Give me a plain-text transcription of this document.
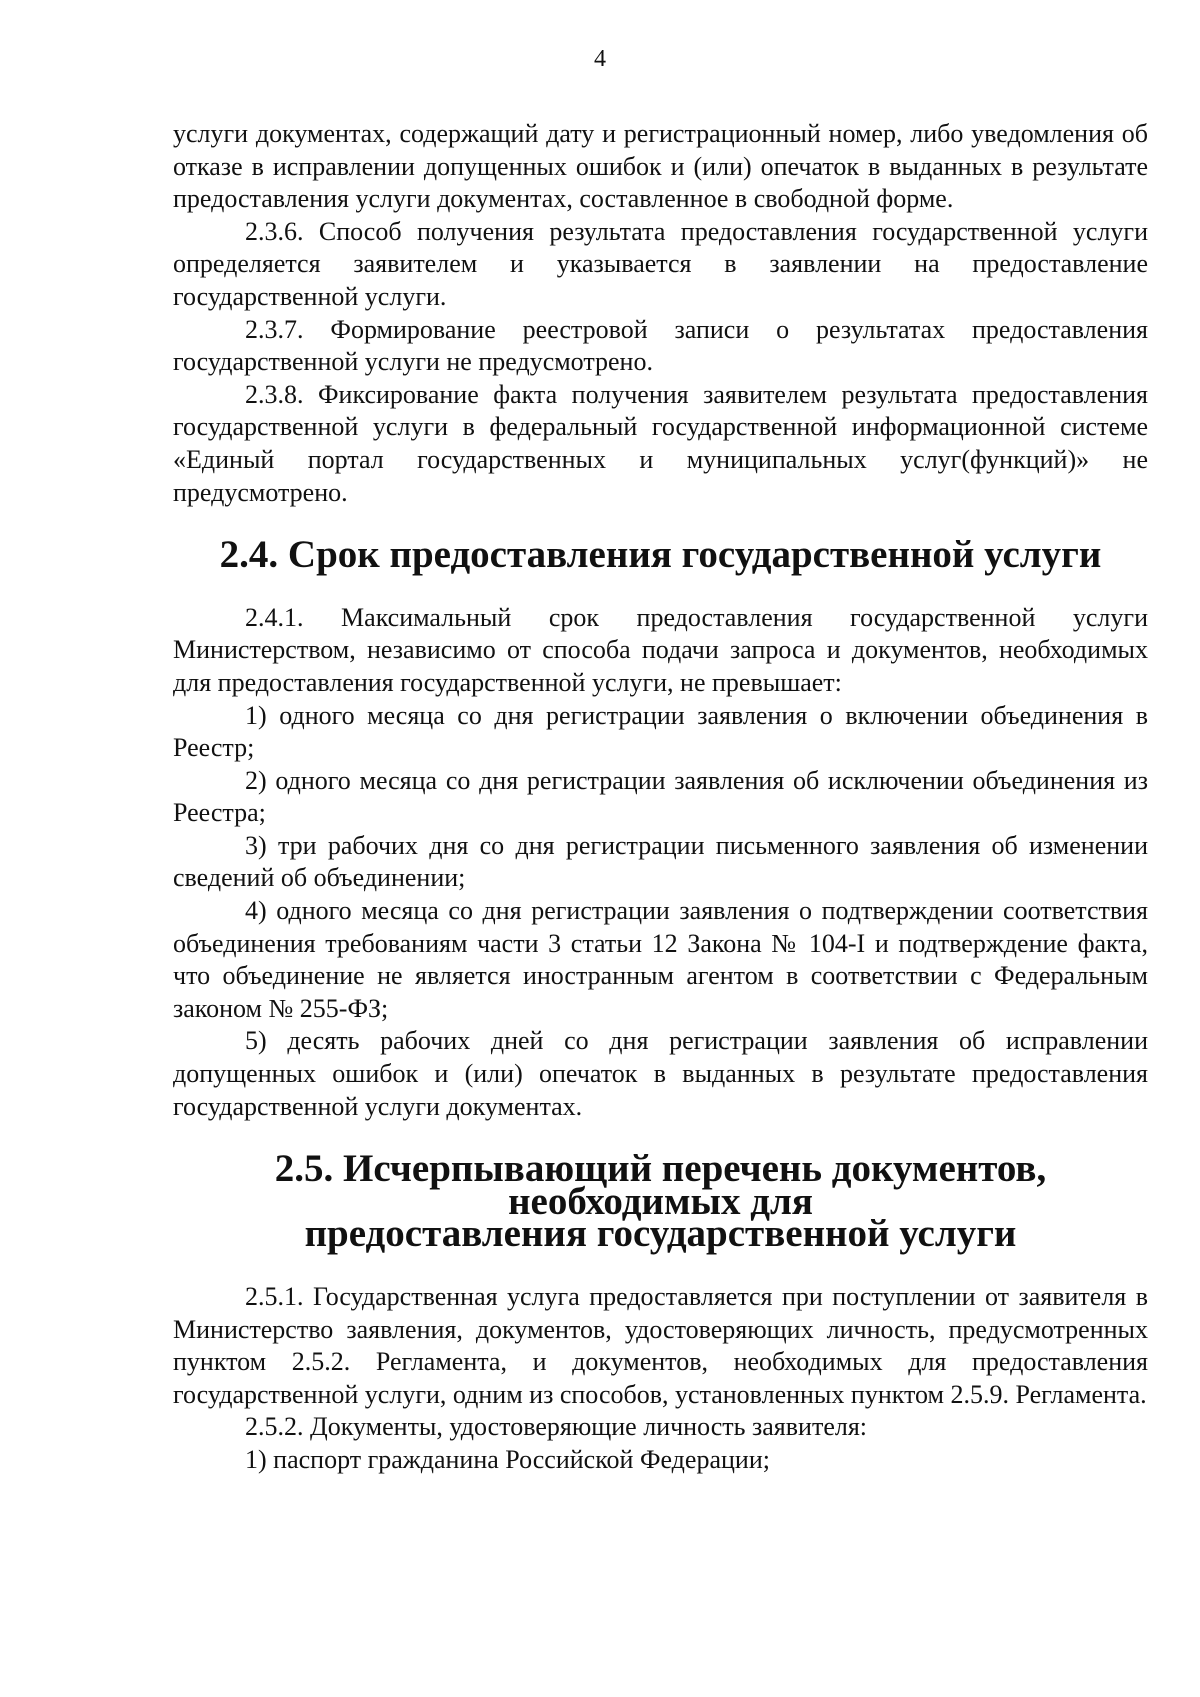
4

услуги документах, содержащий дату и регистрационный номер, либо уведомления об отказе в исправлении допущенных ошибок и (или) опечаток в выданных в результате предоставления услуги документах, составленное в свободной форме.

2.3.6. Способ получения результата предоставления государственной услуги определяется заявителем и указывается в заявлении на предоставление государственной услуги.

2.3.7. Формирование реестровой записи о результатах предоставления государственной услуги не предусмотрено.

2.3.8. Фиксирование факта получения заявителем результата предоставления государственной услуги в федеральный государственной информационной системе «Единый портал государственных и муниципальных услуг(функций)» не предусмотрено.

2.4. Срок предоставления государственной услуги

2.4.1. Максимальный срок предоставления государственной услуги Министерством, независимо от способа подачи запроса и документов, необходимых для предоставления государственной услуги, не превышает:

1) одного месяца со дня регистрации заявления о включении объединения в Реестр;

2) одного месяца со дня регистрации заявления об исключении объединения из Реестра;

3) три рабочих дня со дня регистрации письменного заявления об изменении сведений об объединении;

4) одного месяца со дня регистрации заявления о подтверждении соответствия объединения требованиям части 3 статьи 12 Закона № 104-I и подтверждение факта, что объединение не является иностранным агентом в соответствии с Федеральным законом № 255-ФЗ;

5) десять рабочих дней со дня регистрации заявления об исправлении допущенных ошибок и (или) опечаток в выданных в результате предоставления государственной услуги документах.

2.5. Исчерпывающий перечень документов, необходимых для
предоставления государственной услуги

2.5.1. Государственная услуга предоставляется при поступлении от заявителя в Министерство заявления, документов, удостоверяющих личность, предусмотренных пунктом 2.5.2. Регламента, и документов, необходимых для предоставления государственной услуги, одним из способов, установленных пунктом 2.5.9. Регламента.

2.5.2. Документы, удостоверяющие личность заявителя:

1) паспорт гражданина Российской Федерации;
